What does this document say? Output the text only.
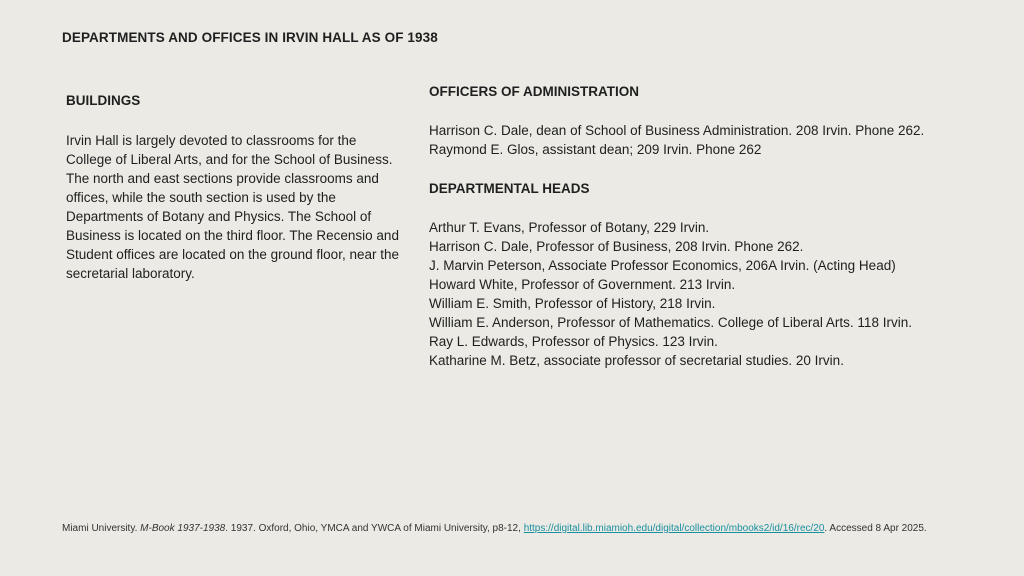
DEPARTMENTS AND OFFICES IN IRVIN HALL AS OF 1938
BUILDINGS

Irvin Hall is largely devoted to classrooms for the College of Liberal Arts, and for the School of Business. The north and east sections provide classrooms and offices, while the south section is used by the Departments of Botany and Physics. The School of Business is located on the third floor. The Recensio and Student offices are located on the ground floor, near the secretarial laboratory.

OFFICERS OF ADMINISTRATION
Harrison C. Dale, dean of School of Business Administration. 208 Irvin. Phone 262.
Raymond E. Glos, assistant dean; 209 Irvin. Phone 262
DEPARTMENTAL HEADS
Arthur T. Evans, Professor of Botany, 229 Irvin.
Harrison C. Dale, Professor of Business, 208 Irvin. Phone 262.
J. Marvin Peterson, Associate Professor Economics, 206A Irvin. (Acting Head)
Howard White, Professor of Government. 213 Irvin.
William E. Smith, Professor of History, 218 Irvin.
William E. Anderson, Professor of Mathematics. College of Liberal Arts. 118 Irvin.
Ray L. Edwards, Professor of Physics. 123 Irvin.
Katharine M. Betz, associate professor of secretarial studies. 20 Irvin.
Miami University. M-Book 1937-1938. 1937. Oxford, Ohio, YMCA and YWCA of Miami University, p8-12, https://digital.lib.miamioh.edu/digital/collection/mbooks2/id/16/rec/20. Accessed 8 Apr 2025.
